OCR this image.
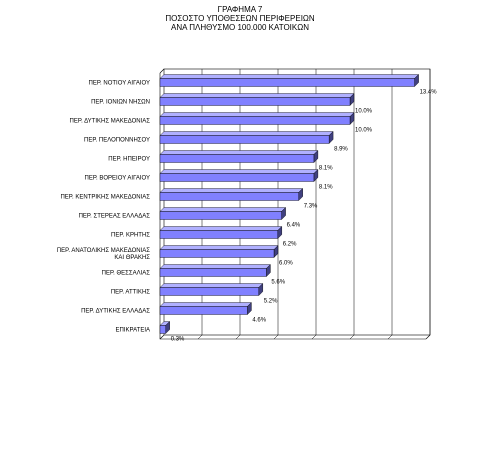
ΓΡΑΦΗΜΑ 7
ΠΟΣΟΣΤΟ ΥΠΟΘΕΣΕΩΝ ΠΕΡΙΦΕΡΕΙΩΝ
ΑΝΑ ΠΛΗΘΥΣΜΟ 100.000 ΚΑΤΟΙΚΩΝ
13.4%
ΠΕΡ. ΝΟΤΙΟΥ ΑΙΓΑΙΟΥ
10.0%
ΠΕΡ. ΙΟΝΙΩΝ ΝΗΣΩΝ
10.0%
ΠΕΡ. ΔΥΤΙΚΗΣ ΜΑΚΕΔΟΝΙΑΣ
8.9%
ΠΕΡ. ΠΕΛΟΠΟΝΝΗΣΟΥ
8.1%
ΠΕΡ. ΗΠΕΙΡΟΥ
8.1%
ΠΕΡ. ΒΟΡΕΙΟΥ ΑΙΓΑΙΟΥ
7.3%
ΠΕΡ. ΚΕΝΤΡΙΚΗΣ ΜΑΚΕΔΟΝΙΑΣ
6.4%
ΠΕΡ. ΣΤΕΡΕΑΣ ΕΛΛΑΔΑΣ
6.2%
ΠΕΡ. ΚΡΗΤΗΣ
6.0%
ΠΕΡ. ΑΝΑΤΟΛΙΚΗΣ ΜΑΚΕΔΟΝΙΑΣ
ΚΑΙ ΘΡΑΚΗΣ
5.6%
ΠΕΡ. ΘΕΣΣΑΛΙΑΣ
5.2%
ΠΕΡ. ΑΤΤΙΚΗΣ
4.6%
ΠΕΡ. ΔΥΤΙΚΗΣ ΕΛΛΑΔΑΣ
0.3%
ΕΠΙΚΡΑΤΕΙΑ
